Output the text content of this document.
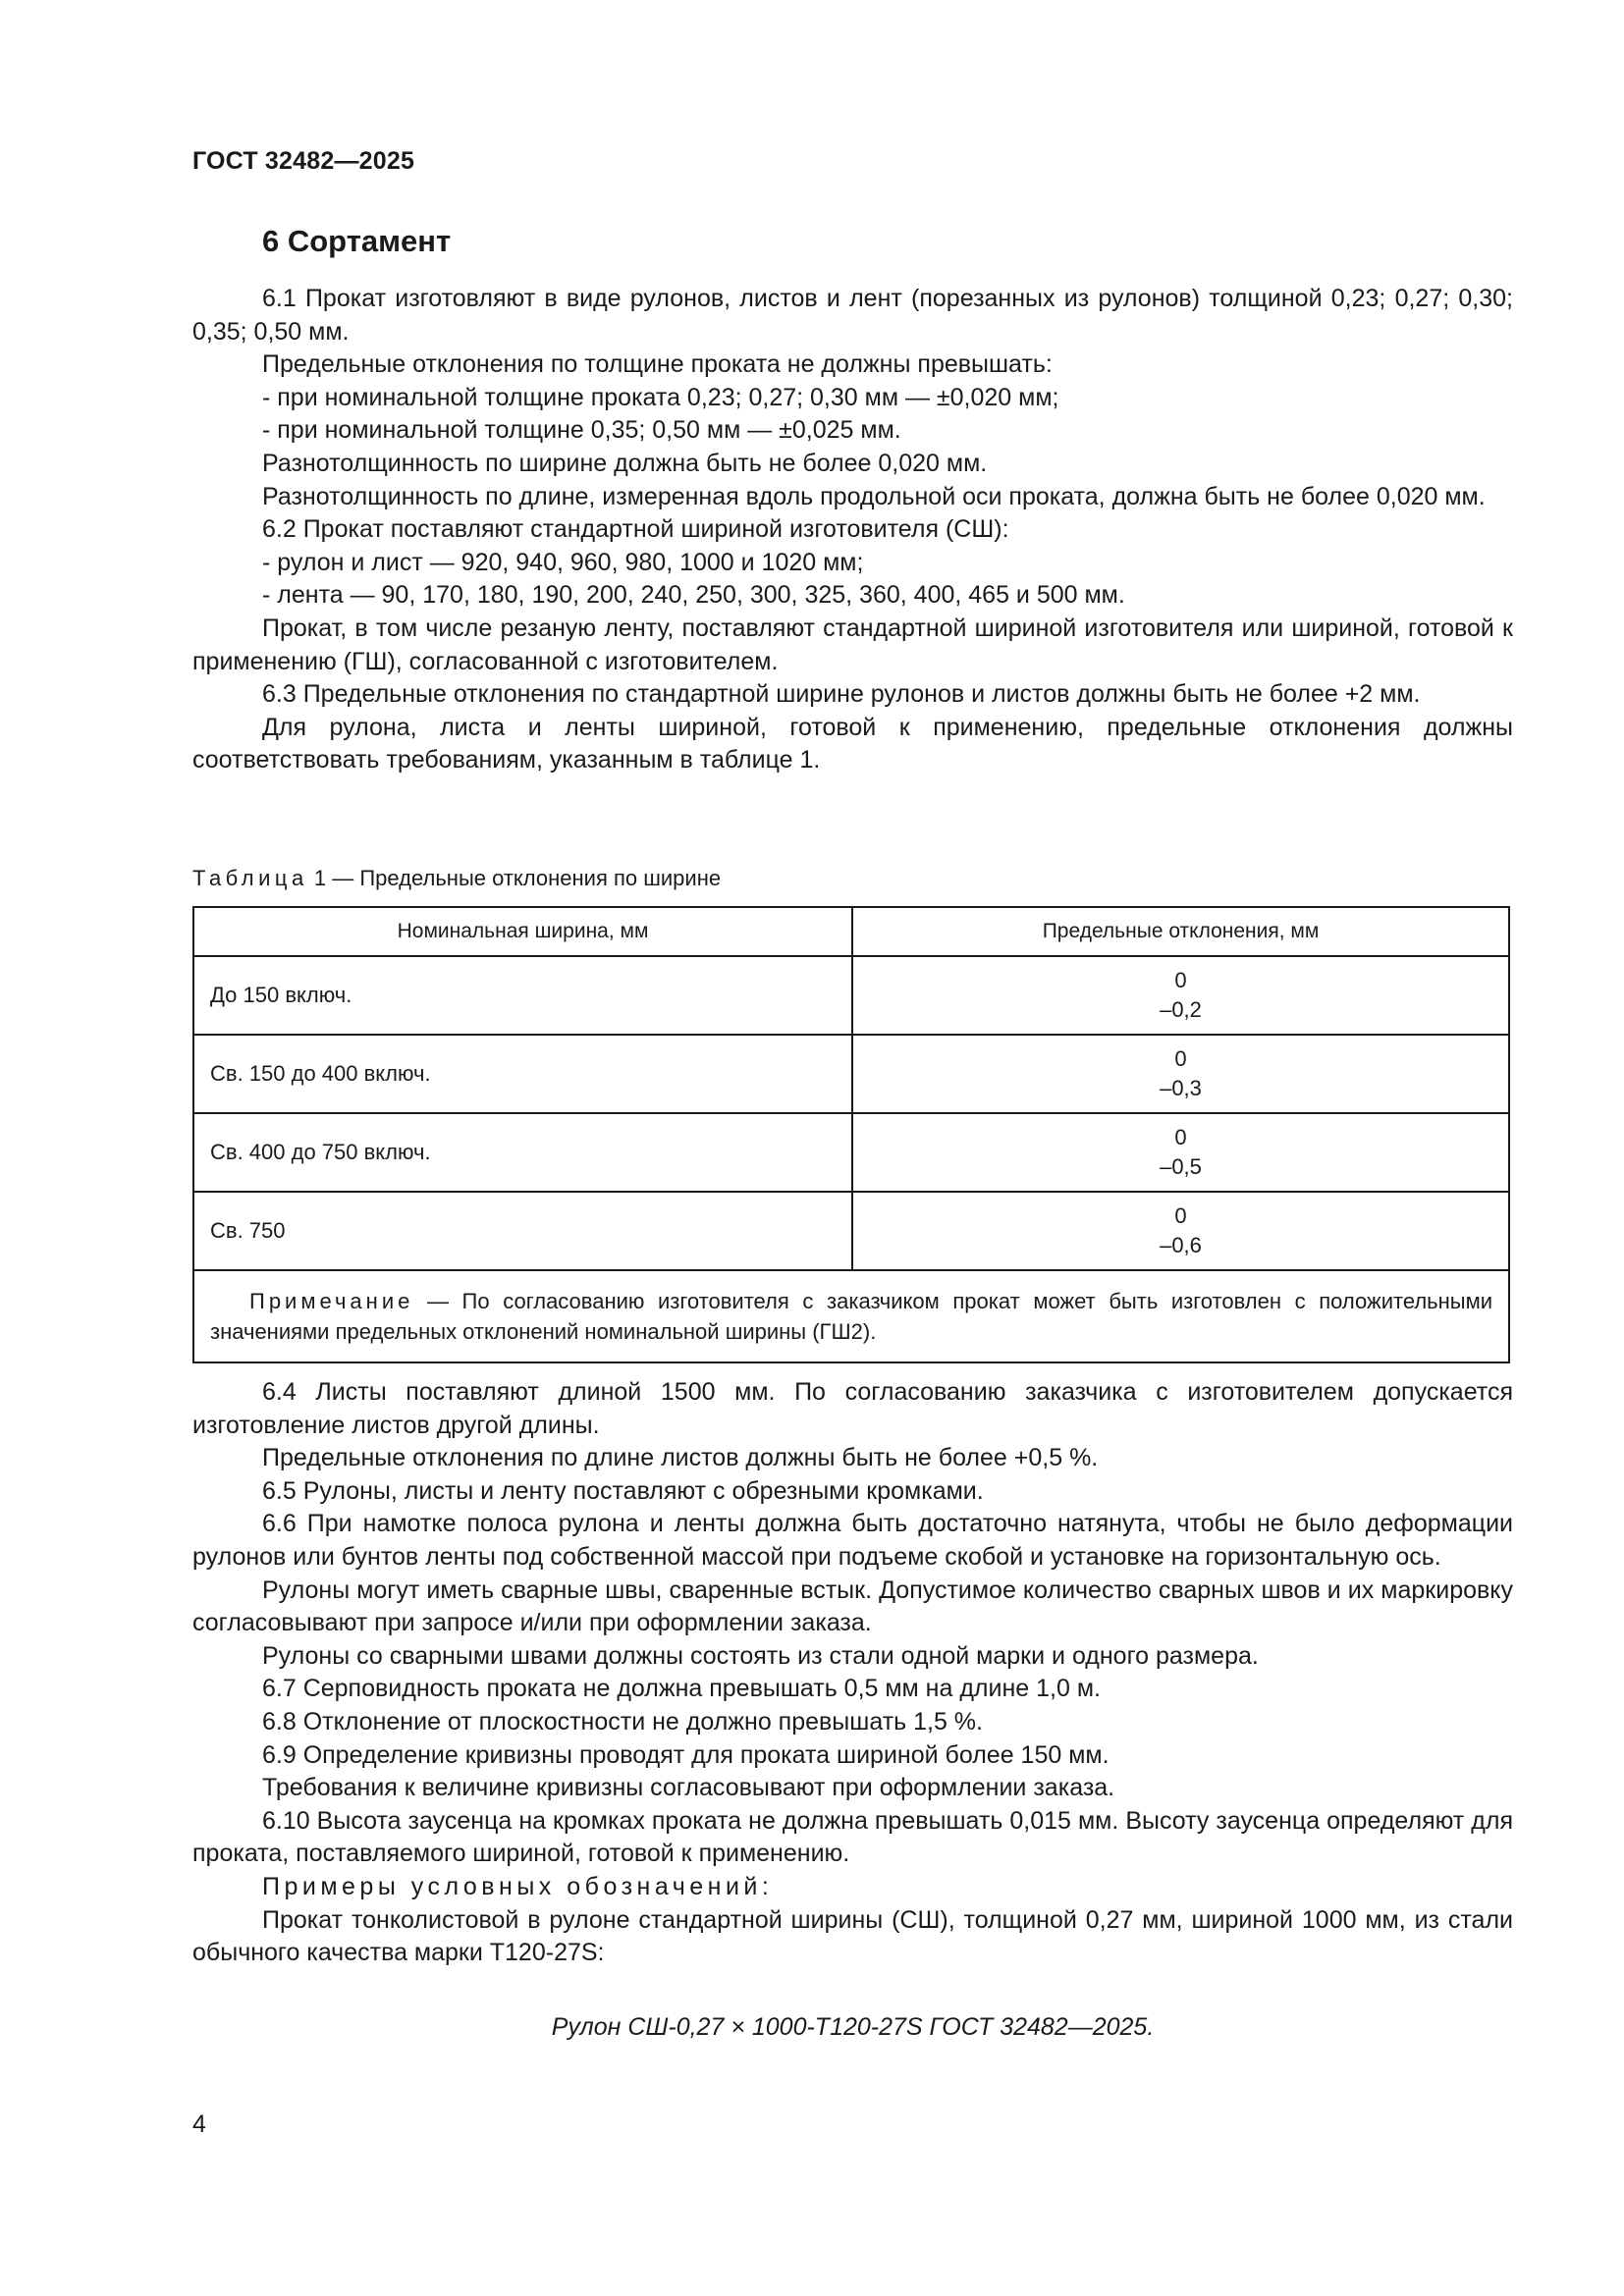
ГОСТ 32482—2025
6 Сортамент

6.1 Прокат изготовляют в виде рулонов, листов и лент (порезанных из рулонов) толщиной 0,23; 0,27; 0,30; 0,35; 0,50 мм.

Предельные отклонения по толщине проката не должны превышать:

- при номинальной толщине проката 0,23; 0,27; 0,30 мм — ±0,020 мм;

- при номинальной толщине 0,35; 0,50 мм — ±0,025 мм.

Разнотолщинность по ширине должна быть не более 0,020 мм.

Разнотолщинность по длине, измеренная вдоль продольной оси проката, должна быть не более 0,020 мм.

6.2 Прокат поставляют стандартной шириной изготовителя (СШ):

- рулон и лист — 920, 940, 960, 980, 1000 и 1020 мм;

- лента — 90, 170, 180, 190, 200, 240, 250, 300, 325, 360, 400, 465 и 500 мм.

Прокат, в том числе резаную ленту, поставляют стандартной шириной изготовителя или шириной, готовой к применению (ГШ), согласованной с изготовителем.

6.3 Предельные отклонения по стандартной ширине рулонов и листов должны быть не более +2 мм.

Для рулона, листа и ленты шириной, готовой к применению, предельные отклонения должны соответствовать требованиям, указанным в таблице 1.

Таблица 1 — Предельные отклонения по ширине
Номинальная ширина, мм	Предельные отклонения, мм
До 150 включ.	0
–0,2

Св. 150 до 400 включ.	0
–0,3

Св. 400 до 750 включ.	0
–0,5

Св. 750	0
–0,6

Примечание — По согласованию изготовителя с заказчиком прокат может быть изготовлен с положительными значениями предельных отклонений номинальной ширины (ГШ2).	

6.4 Листы поставляют длиной 1500 мм. По согласованию заказчика с изготовителем допускается изготовление листов другой длины.

Предельные отклонения по длине листов должны быть не более +0,5 %.

6.5 Рулоны, листы и ленту поставляют с обрезными кромками.

6.6 При намотке полоса рулона и ленты должна быть достаточно натянута, чтобы не было деформации рулонов или бунтов ленты под собственной массой при подъеме скобой и установке на горизонтальную ось.

Рулоны могут иметь сварные швы, сваренные встык. Допустимое количество сварных швов и их маркировку согласовывают при запросе и/или при оформлении заказа.

Рулоны со сварными швами должны состоять из стали одной марки и одного размера.

6.7 Серповидность проката не должна превышать 0,5 мм на длине 1,0 м.

6.8 Отклонение от плоскостности не должно превышать 1,5 %.

6.9 Определение кривизны проводят для проката шириной более 150 мм.

Требования к величине кривизны согласовывают при оформлении заказа.

6.10 Высота заусенца на кромках проката не должна превышать 0,015 мм. Высоту заусенца определяют для проката, поставляемого шириной, готовой к применению.

Примеры условных обозначений:

Прокат тонколистовой в рулоне стандартной ширины (СШ), толщиной 0,27 мм, шириной 1000 мм, из стали обычного качества марки Т120-27S:

Рулон СШ-0,27 × 1000-Т120-27S ГОСТ 32482—2025.
4
